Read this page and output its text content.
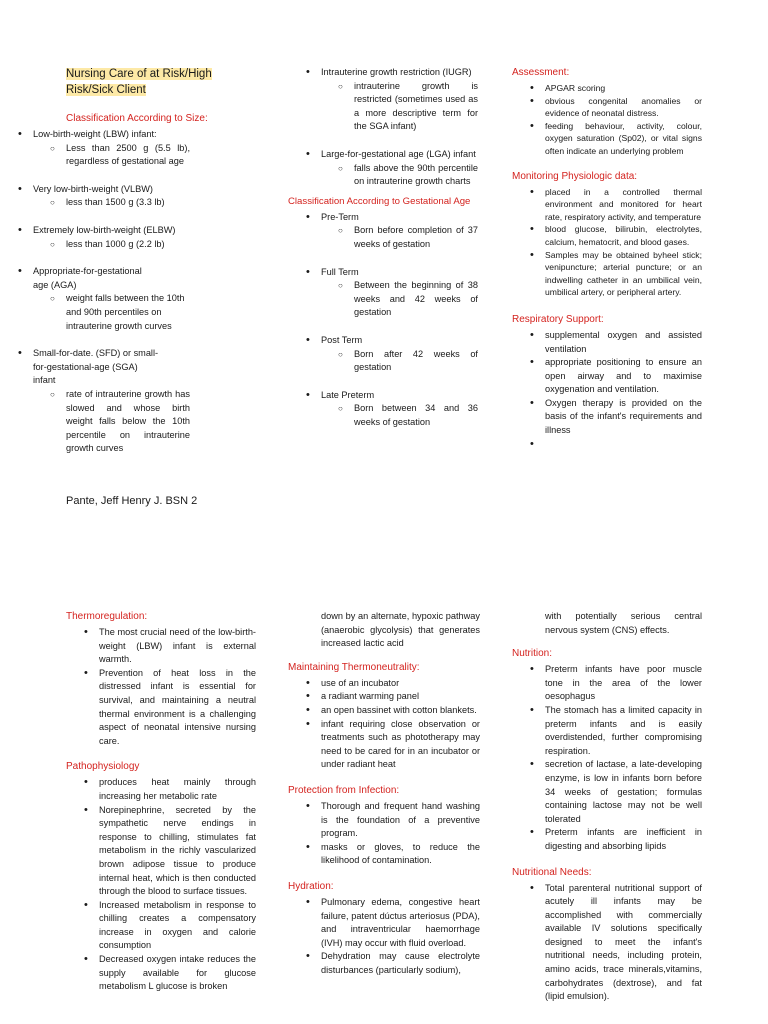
Nursing Care of at Risk/High Risk/Sick Client
Classification According to Size:
• Low-birth-weight (LBW) infant:
○ Less than 2500 g (5.5 lb), regardless of gestational age
• Very low-birth-weight (VLBW)
○ less than 1500 g (3.3 lb)
• Extremely low-birth-weight (ELBW)
○ less than 1000 g (2.2 lb)
• Appropriate-for-gestational age (AGA)
○ weight falls between the 10th and 90th percentiles on intrauterine growth curves
• Small-for-date. (SFD) or small-for-gestational-age (SGA) infant
○ rate of intrauterine growth has slowed and whose birth weight falls below the 10th percentile on intrauterine growth curves
• Intrauterine growth restriction (IUGR)
○ intrauterine growth is restricted (sometimes used as a more descriptive term for the SGA infant)
• Large-for-gestational age (LGA) infant
○ falls above the 90th percentile on intrauterine growth charts
Classification According to Gestational Age
• Pre-Term
○ Born before completion of 37 weeks of gestation
• Full Term
○ Between the beginning of 38 weeks and 42 weeks of gestation
• Post Term
○ Born after 42 weeks of gestation
• Late Preterm
○ Born between 34 and 36 weeks of gestation
Assessment:
• APGAR scoring
• obvious congenital anomalies or evidence of neonatal distress.
• feeding behaviour, activity, colour, oxygen saturation (Sp02), or vital signs often indicate an underlying problem
Monitoring Physiologic data:
• placed in a controlled thermal environment and monitored for heart rate, respiratory activity, and temperature
• blood glucose, bilirubin, electrolytes, calcium, hematocrit, and blood gases.
• Samples may be obtained byheel stick; venipuncture; arterial puncture; or an indwelling catheter in an umbilical vein, umbilical artery, or peripheral artery.
Respiratory Support:
• supplemental oxygen and assisted ventilation
• appropriate positioning to ensure an open airway and to maximise oxygenation and ventilation.
• Oxygen therapy is provided on the basis of the infant's requirements and illness
•
Pante, Jeff Henry J. BSN 2
Thermoregulation:
• The most crucial need of the low-birth-weight (LBW) infant is external warmth.
• Prevention of heat loss in the distressed infant is essential for survival, and maintaining a neutral thermal environment is a challenging aspect of neonatal intensive nursing care.
Pathophysiology
• produces heat mainly through increasing her metabolic rate
• Norepinephrine, secreted by the sympathetic nerve endings in response to chilling, stimulates fat metabolism in the richly vascularized brown adipose tissue to produce internal heat, which is then conducted through the blood to surface tissues.
• Increased metabolism in response to chilling creates a compensatory increase in oxygen and calorie consumption
• Decreased oxygen intake reduces the supply available for glucose metabolism L glucose is broken
down by an alternate, hypoxic pathway (anaerobic glycolysis) that generates increased lactic acid
Maintaining Thermoneutrality:
• use of an incubator
• a radiant warming panel
• an open bassinet with cotton blankets.
• infant requiring close observation or treatments such as phototherapy may need to be cared for in an incubator or under radiant heat
Protection from Infection:
• Thorough and frequent hand washing is the foundation of a preventive program.
• masks or gloves, to reduce the likelihood of contamination.
Hydration:
• Pulmonary edema, congestive heart failure, patent dúctus arteriosus (PDA), and intraventricular haemorrhage (IVH) may occur with fluid overload.
• Dehydration may cause electrolyte disturbances (particularly sodium),
with potentially serious central nervous system (CNS) effects.
Nutrition:
• Preterm infants have poor muscle tone in the area of the lower oesophagus
• The stomach has a limited capacity in preterm infants and is easily overdistended, further compromising respiration.
• secretion of lactase, a late-developing enzyme, is low in infants born before 34 weeks of gestation; formulas containing lactose may not be well tolerated
• Preterm infants are inefficient in digesting and absorbing lipids
Nutritional Needs:
• Total parenteral nutritional support of acutely ill infants may be accomplished with commercially available IV solutions specifically designed to meet the infant's nutritional needs, including protein, amino acids, trace minerals,vitamins, carbohydrates (dextrose), and fat (lipid emulsion).
